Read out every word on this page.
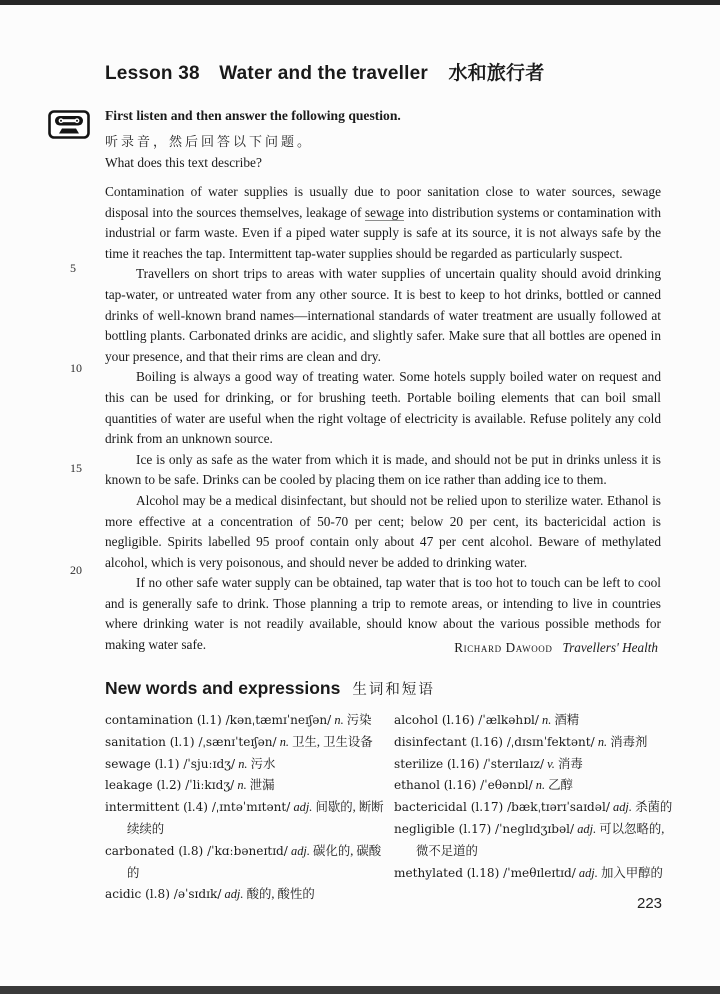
Lesson 38 Water and the traveller 水和旅行者
First listen and then answer the following question.
听录音，然后回答以下问题。
What does this text describe?
5
10
15
20

Contamination of water supplies is usually due to poor sanitation close to water sources, sewage disposal into the sources themselves, leakage of sewage into distribution systems or contamination with industrial or farm waste. Even if a piped water supply is safe at its source, it is not always safe by the time it reaches the tap. Intermittent tap-water supplies should be regarded as particularly suspect.

Travellers on short trips to areas with water supplies of uncertain quality should avoid drinking tap-water, or untreated water from any other source. It is best to keep to hot drinks, bottled or canned drinks of well-known brand names—international standards of water treatment are usually followed at bottling plants. Carbonated drinks are acidic, and slightly safer. Make sure that all bottles are opened in your presence, and that their rims are clean and dry.

Boiling is always a good way of treating water. Some hotels supply boiled water on request and this can be used for drinking, or for brushing teeth. Portable boiling elements that can boil small quantities of water are useful when the right voltage of electricity is available. Refuse politely any cold drink from an unknown source.

Ice is only as safe as the water from which it is made, and should not be put in drinks unless it is known to be safe. Drinks can be cooled by placing them on ice rather than adding ice to them.

Alcohol may be a medical disinfectant, but should not be relied upon to sterilize water. Ethanol is more effective at a concentration of 50-70 per cent; below 20 per cent, its bactericidal action is negligible. Spirits labelled 95 proof contain only about 47 per cent alcohol. Beware of methylated alcohol, which is very poisonous, and should never be added to drinking water.

If no other safe water supply can be obtained, tap water that is too hot to touch can be left to cool and is generally safe to drink. Those planning a trip to remote areas, or intending to live in countries where drinking water is not readily available, should know about the various possible methods for making water safe.	Richard Dawood Travellers' Health
New words and expressions 生词和短语

contamination (l.1) /kənˌtæmɪˈneɪʃən/ n. 污染

sanitation (l.1) /ˌsænɪˈteɪʃən/ n. 卫生, 卫生设备

sewage (l.1) /ˈsjuːɪdʒ/ n. 污水

leakage (l.2) /ˈliːkɪdʒ/ n. 泄漏

intermittent (l.4) /ˌɪntəˈmɪtənt/ adj. 间歇的, 断断续续的

carbonated (l.8) /ˈkɑːbəneɪtɪd/ adj. 碳化的, 碳酸的

acidic (l.8) /əˈsɪdɪk/ adj. 酸的, 酸性的

alcohol (l.16) /ˈælkəhɒl/ n. 酒精

disinfectant (l.16) /ˌdɪsɪnˈfektənt/ n. 消毒剂

sterilize (l.16) /ˈsterɪlaɪz/ v. 消毒

ethanol (l.16) /ˈeθənɒl/ n. 乙醇

bactericidal (l.17) /bækˌtɪərɪˈsaɪdəl/ adj. 杀菌的

negligible (l.17) /ˈneglɪdʒɪbəl/ adj. 可以忽略的, 微不足道的

methylated (l.18) /ˈmeθɪleɪtɪd/ adj. 加入甲醇的

223
